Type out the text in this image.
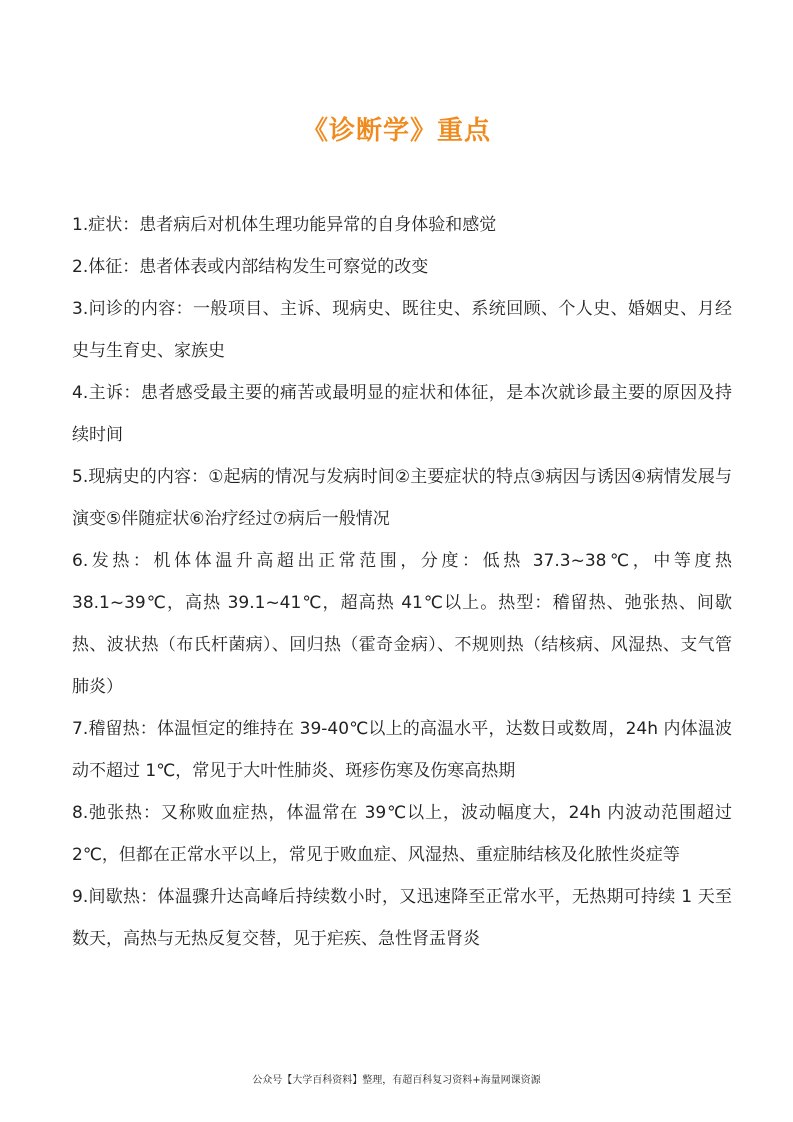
《诊断学》重点

1.症状：患者病后对机体生理功能异常的自身体验和感觉

2.体征：患者体表或内部结构发生可察觉的改变

3.问诊的内容：一般项目、主诉、现病史、既往史、系统回顾、个人史、婚姻史、月经史与生育史、家族史

4.主诉：患者感受最主要的痛苦或最明显的症状和体征，是本次就诊最主要的原因及持续时间

5.现病史的内容：①起病的情况与发病时间②主要症状的特点③病因与诱因④病情发展与演变⑤伴随症状⑥治疗经过⑦病后一般情况

6.发热：机体体温升高超出正常范围，分度：低热 37.3~38℃，中等度热 38.1~39℃，高热 39.1~41℃，超高热 41℃以上。热型：稽留热、弛张热、间歇热、波状热（布氏杆菌病）、回归热（霍奇金病）、不规则热（结核病、风湿热、支气管肺炎）

7.稽留热：体温恒定的维持在 39-40℃以上的高温水平，达数日或数周，24h 内体温波动不超过 1℃，常见于大叶性肺炎、斑疹伤寒及伤寒高热期

8.弛张热：又称败血症热，体温常在 39℃以上，波动幅度大，24h 内波动范围超过 2℃，但都在正常水平以上，常见于败血症、风湿热、重症肺结核及化脓性炎症等

9.间歇热：体温骤升达高峰后持续数小时，又迅速降至正常水平，无热期可持续 1 天至数天，高热与无热反复交替，见于疟疾、急性肾盂肾炎

公众号【大学百科资料】整理，有超百科复习资料+海量网课资源
